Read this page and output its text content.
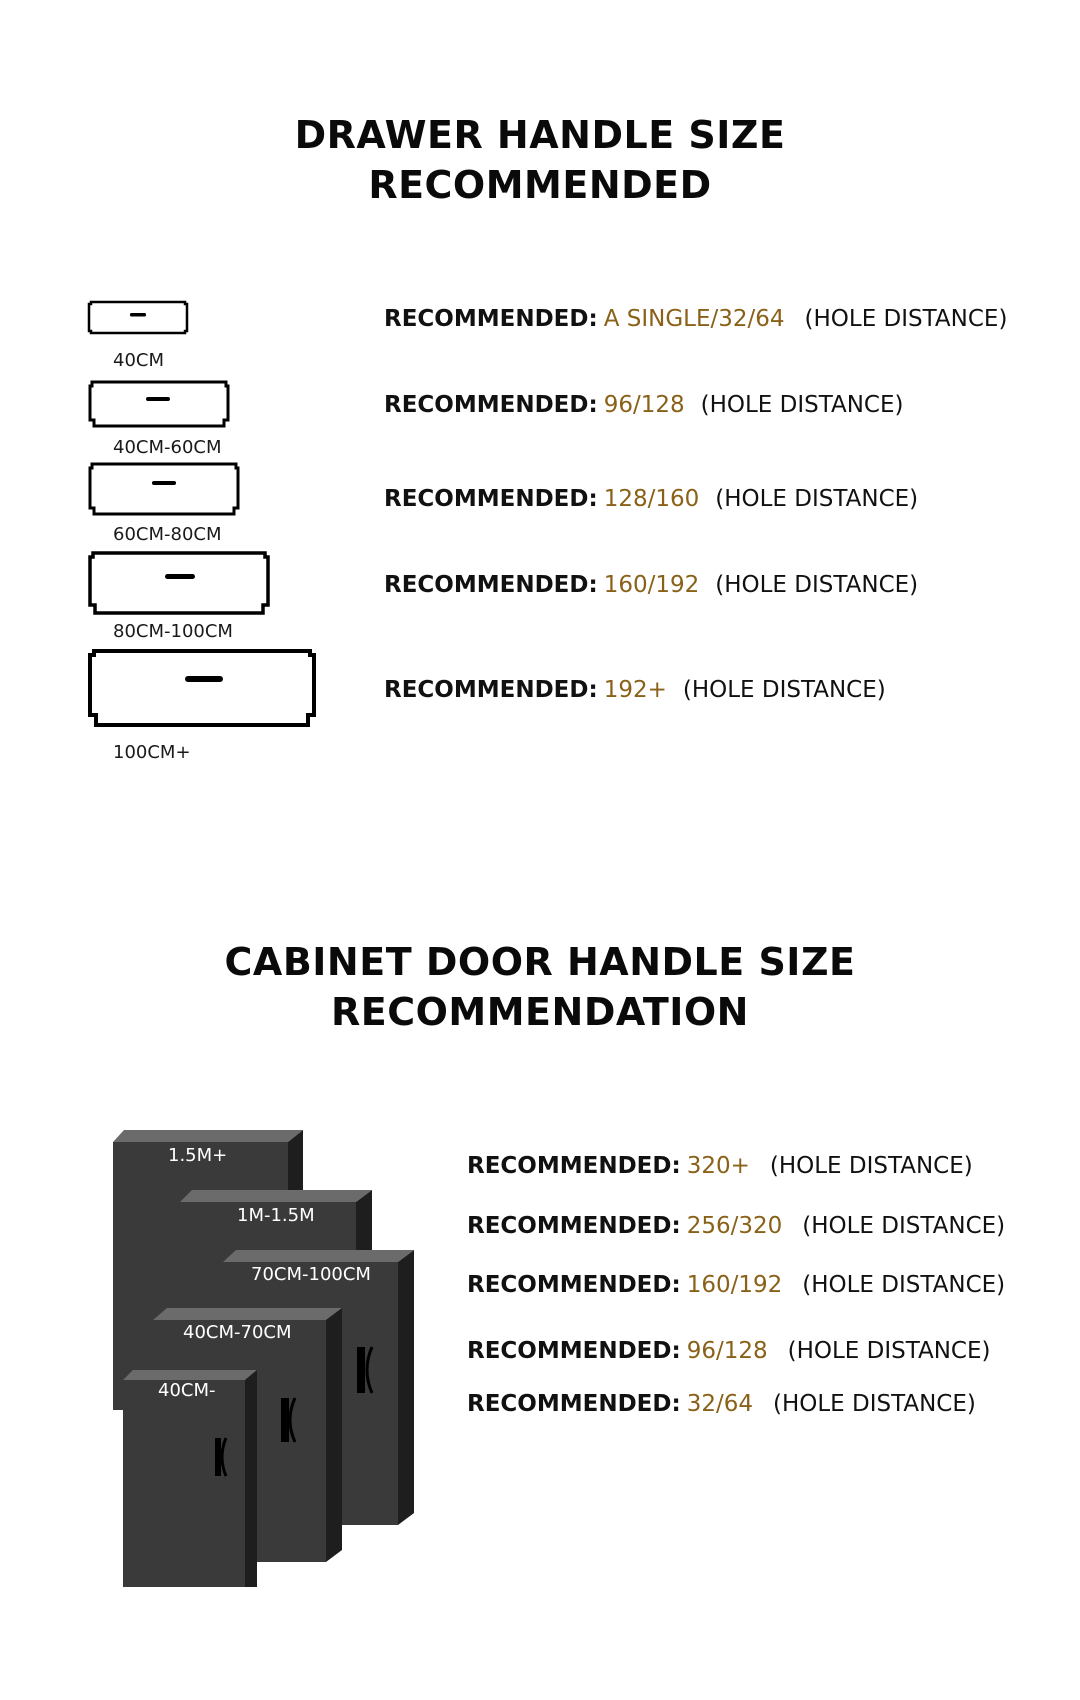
DRAWER HANDLE SIZE
RECOMMENDED
40CM
40CM-60CM
60CM-80CM
80CM-100CM
100CM+
RECOMMENDED: A SINGLE/32/64 (HOLE DISTANCE)
RECOMMENDED: 96/128 (HOLE DISTANCE)
RECOMMENDED: 128/160 (HOLE DISTANCE)
RECOMMENDED: 160/192 (HOLE DISTANCE)
RECOMMENDED: 192+ (HOLE DISTANCE)
CABINET DOOR HANDLE SIZE
RECOMMENDATION
1.5M+
1M-1.5M
70CM-100CM
40CM-70CM
40CM-
RECOMMENDED: 320+ (HOLE DISTANCE)
RECOMMENDED: 256/320 (HOLE DISTANCE)
RECOMMENDED: 160/192 (HOLE DISTANCE)
RECOMMENDED: 96/128 (HOLE DISTANCE)
RECOMMENDED: 32/64 (HOLE DISTANCE)
